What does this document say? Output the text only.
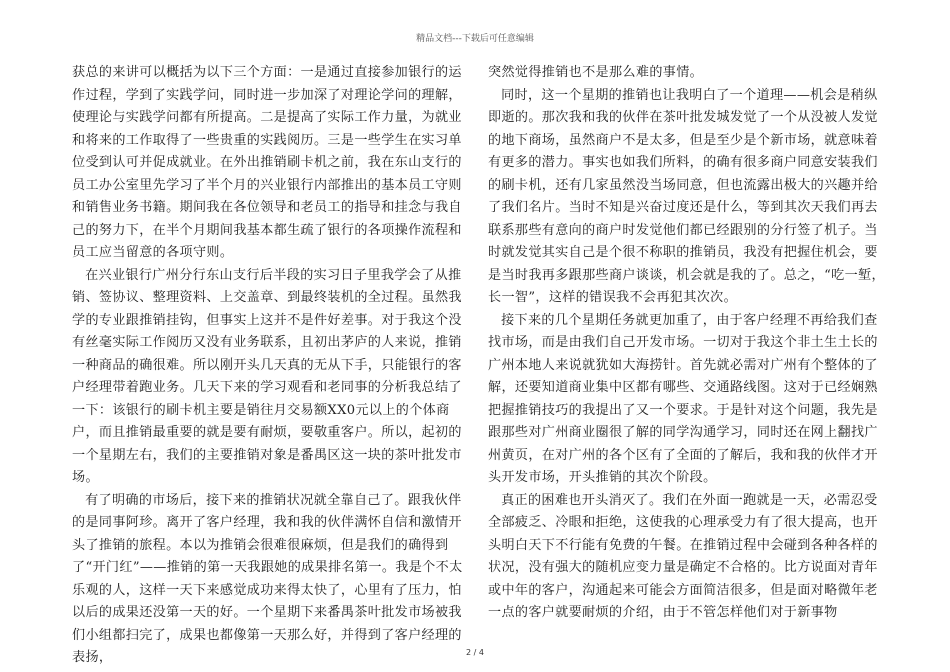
精品文档---下载后可任意编辑

获总的来讲可以概括为以下三个方面：一是通过直接参加银行的运作过程，学到了实践学问，同时进一步加深了对理论学问的理解，使理论与实践学问都有所提高。二是提高了实际工作力量，为就业和将来的工作取得了一些贵重的实践阅历。三是一些学生在实习单位受到认可并促成就业。在外出推销刷卡机之前，我在东山支行的员工办公室里先学习了半个月的兴业银行内部推出的基本员工守则和销售业务书籍。期间我在各位领导和老员工的指导和挂念与我自己的努力下，在半个月期间我基本都生疏了银行的各项操作流程和员工应当留意的各项守则。

在兴业银行广州分行东山支行后半段的实习日子里我学会了从推销、签协议、整理资料、上交盖章、到最终装机的全过程。虽然我学的专业跟推销挂钩，但事实上这并不是件好差事。对于我这个没有丝毫实际工作阅历又没有业务联系，且初出茅庐的人来说，推销一种商品的确很难。所以刚开头几天真的无从下手，只能银行的客户经理带着跑业务。几天下来的学习观看和老同事的分析我总结了一下：该银行的刷卡机主要是销往月交易额XX0元以上的个体商户，而且推销最重要的就是要有耐烦，要敬重客户。所以，起初的一个星期左右，我们的主要推销对象是番禺区这一块的茶叶批发市场。

有了明确的市场后，接下来的推销状况就全靠自己了。跟我伙伴的是同事阿珍。离开了客户经理，我和我的伙伴满怀自信和激情开头了推销的旅程。本以为推销会很难很麻烦，但是我们的确得到了“开门红”——推销的第一天我跟她的成果排名第一。我是个不太乐观的人，这样一天下来感觉成功来得太快了，心里有了压力，怕以后的成果还没第一天的好。一个星期下来番禺茶叶批发市场被我们小组都扫完了，成果也都像第一天那么好，并得到了客户经理的表扬，

突然觉得推销也不是那么难的事情。

同时，这一个星期的推销也让我明白了一个道理——机会是稍纵即逝的。那次我和我的伙伴在茶叶批发城发觉了一个从没被人发觉的地下商场，虽然商户不是太多，但是至少是个新市场，就意味着有更多的潜力。事实也如我们所料，的确有很多商户同意安装我们的刷卡机，还有几家虽然没当场同意，但也流露出极大的兴趣并给了我们名片。当时不知是兴奋过度还是什么，等到其次天我们再去联系那些有意向的商户时发觉他们都已经跟别的分行签了机子。当时就发觉其实自己是个很不称职的推销员，我没有把握住机会，要是当时我再多跟那些商户谈谈，机会就是我的了。总之，“吃一堑，长一智”，这样的错误我不会再犯其次次。

接下来的几个星期任务就更加重了，由于客户经理不再给我们查找市场，而是由我们自己开发市场。一切对于我这个非土生土长的广州本地人来说就犹如大海捞针。首先就必需对广州有个整体的了解，还要知道商业集中区都有哪些、交通路线图。这对于已经娴熟把握推销技巧的我提出了又一个要求。于是针对这个问题，我先是跟那些对广州商业圈很了解的同学沟通学习，同时还在网上翻找广州黄页，在对广州的各个区有了全面的了解后，我和我的伙伴才开头开发市场，开头推销的其次个阶段。

真正的困难也开头消灭了。我们在外面一跑就是一天，必需忍受全部疲乏、冷眼和拒绝，这使我的心理承受力有了很大提高，也开头明白天下不行能有免费的午餐。在推销过程中会碰到各种各样的状况，没有强大的随机应变力量是确定不合格的。比方说面对青年或中年的客户，沟通起来可能会方面简洁很多，但是面对略微年老一点的客户就要耐烦的介绍，由于不管怎样他们对于新事物

2 / 4
